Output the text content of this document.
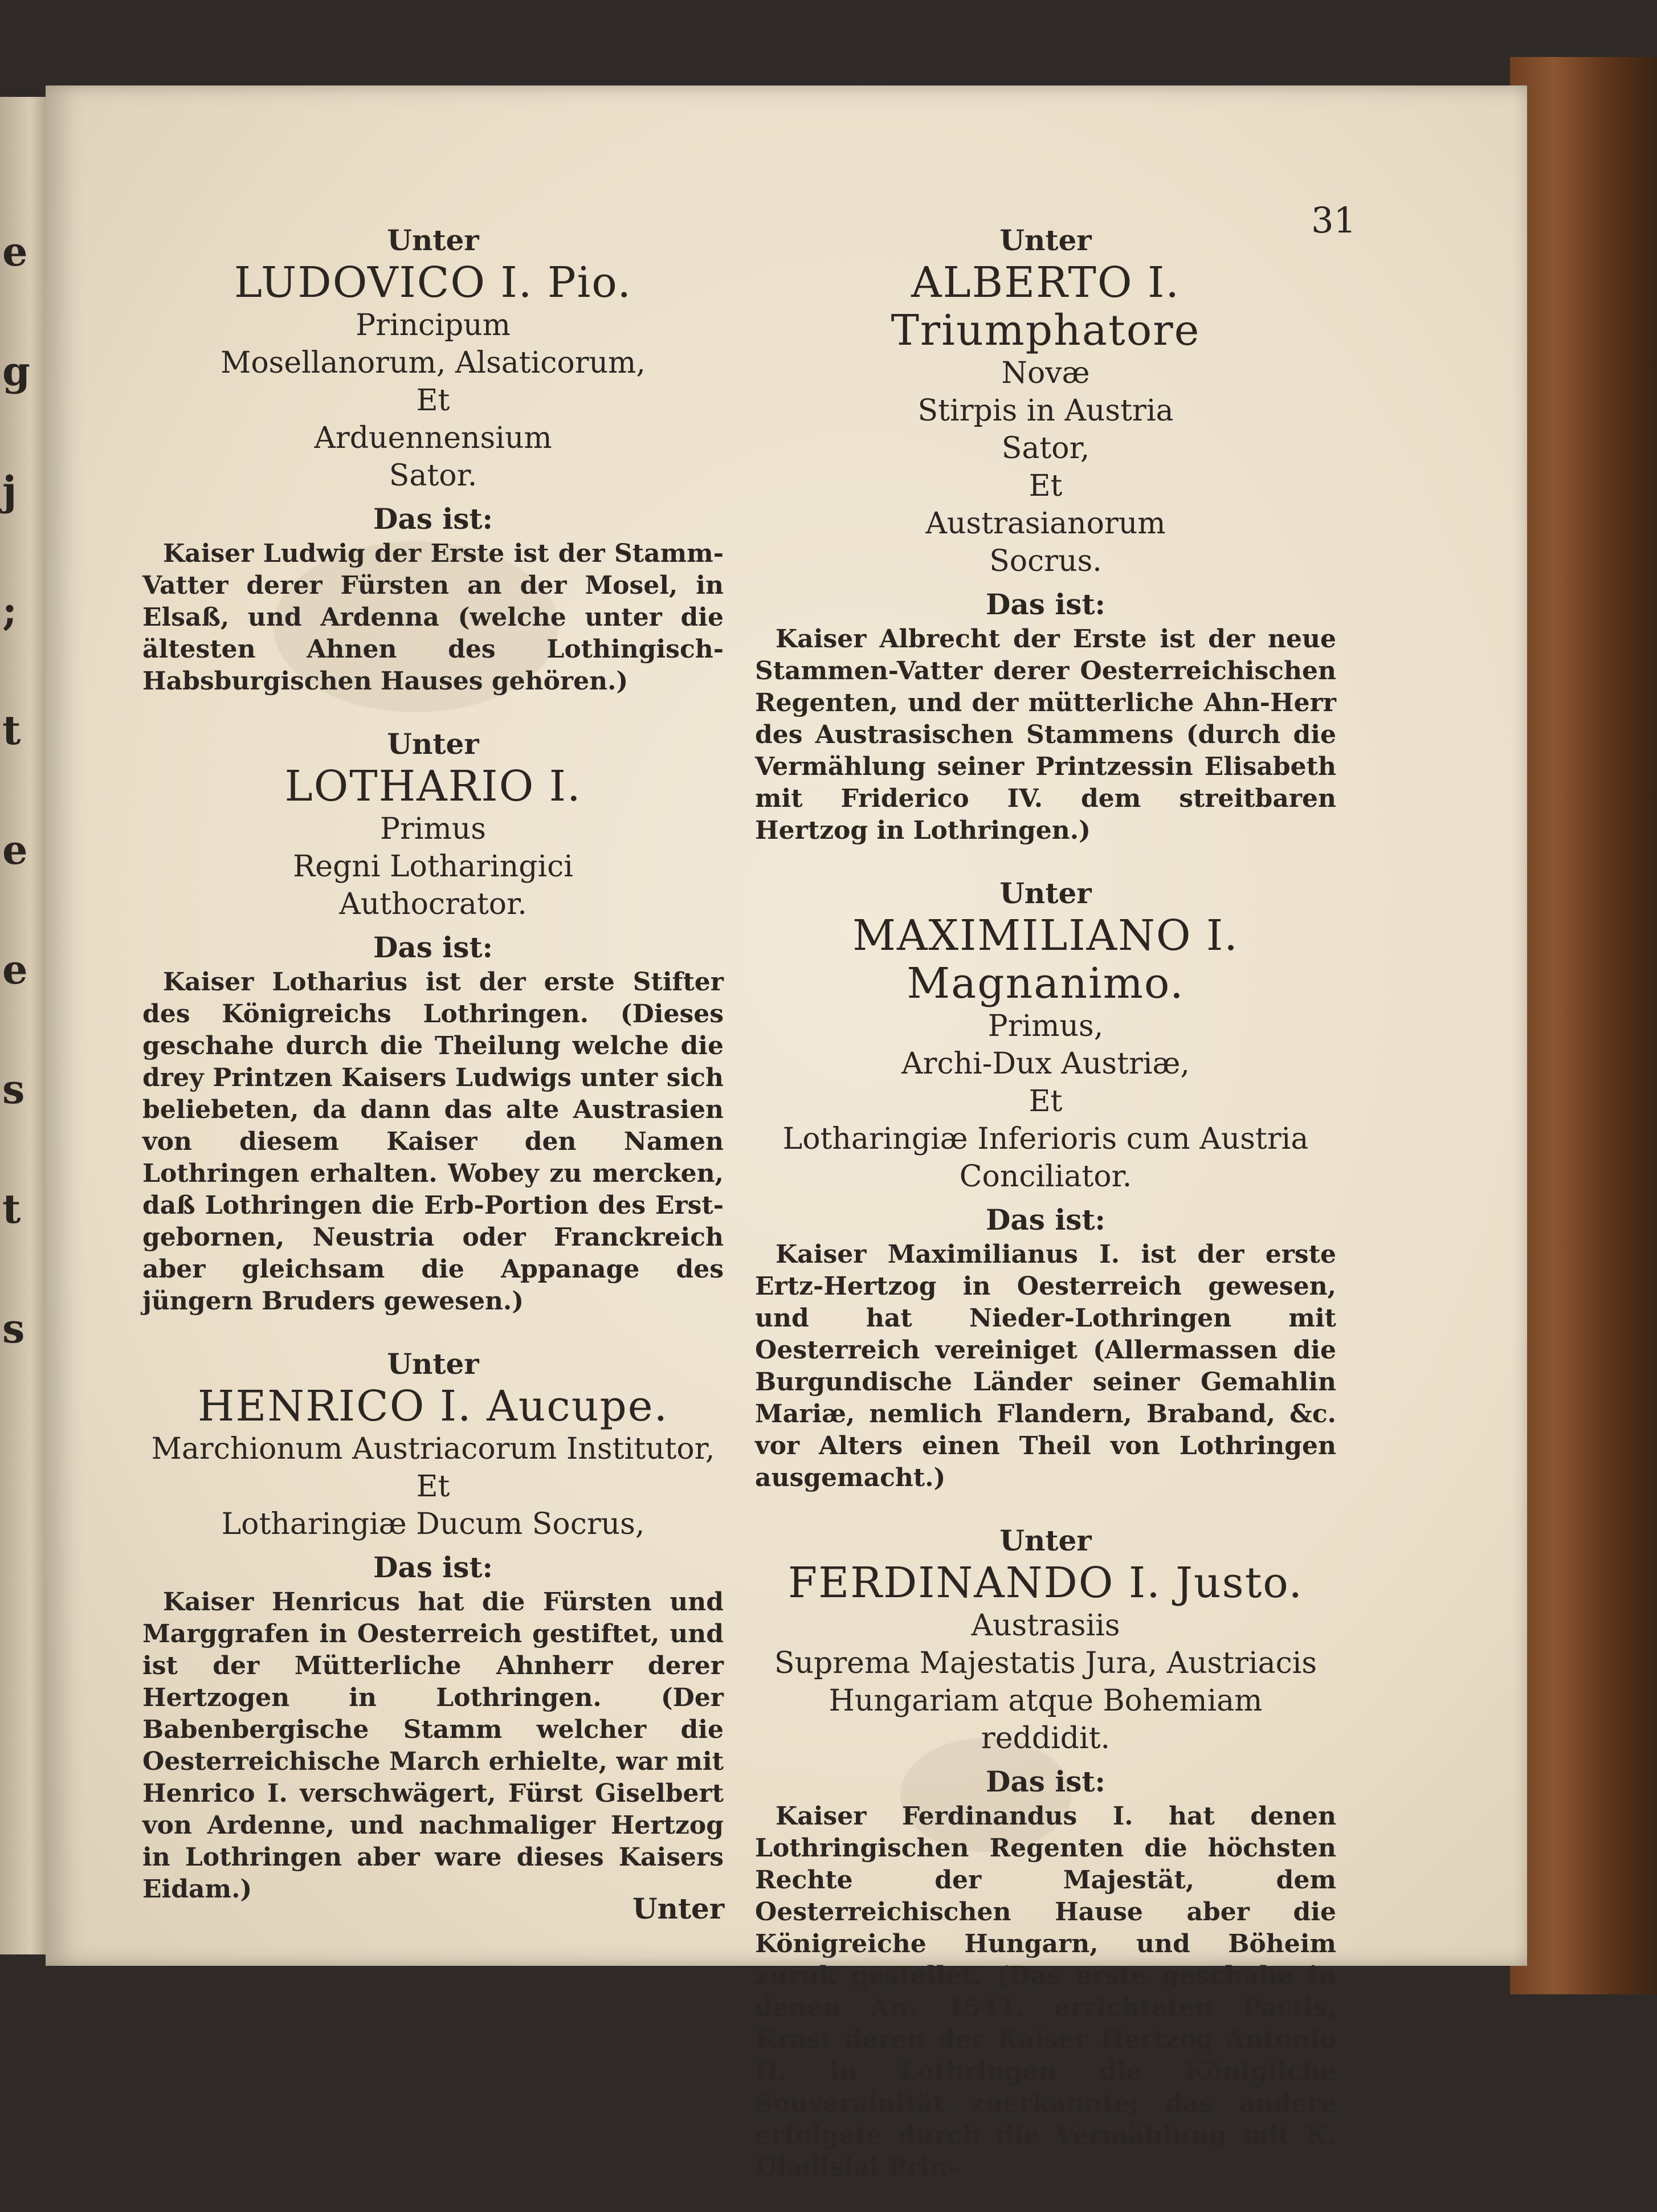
e
g
j
;
t
e
e
s
t
s
31
Unter
LUDOVICO I. Pio.
Principum
Mosellanorum, Alsaticorum,
Et
Arduennensium
Sator.
Das ist:

Kaiser Ludwig der Erste ist der Stamm-Vatter derer Fürsten an der Mosel, in Elsaß, und Ardenna (welche unter die ältesten Ahnen des Lothingisch-Habsburgischen Hauses gehören.)

Unter
LOTHARIO I.
Primus
Regni Lotharingici
Authocrator.
Das ist:

Kaiser Lotharius ist der erste Stifter des Königreichs Lothringen. (Dieses geschahe durch die Theilung welche die drey Printzen Kaisers Ludwigs unter sich beliebeten, da dann das alte Austrasien von diesem Kaiser den Namen Lothringen erhalten. Wobey zu mercken, daß Lothringen die Erb-Portion des Erst-gebornen, Neustria oder Franckreich aber gleichsam die Appanage des jüngern Bruders gewesen.)

Unter
HENRICO I. Aucupe.
Marchionum Austriacorum Institutor,
Et
Lotharingiæ Ducum Socrus,
Das ist:

Kaiser Henricus hat die Fürsten und Marggrafen in Oesterreich gestiftet, und ist der Mütterliche Ahnherr derer Hertzogen in Lothringen. (Der Babenbergische Stamm welcher die Oesterreichische March erhielte, war mit Henrico I. verschwägert, Fürst Giselbert von Ardenne, und nachmaliger Hertzog in Lothringen aber ware dieses Kaisers Eidam.)

Unter
ALBERTO I. Triumphatore
Novæ
Stirpis in Austria
Sator,
Et
Austrasianorum
Socrus.
Das ist:

Kaiser Albrecht der Erste ist der neue Stammen-Vatter derer Oesterreichischen Regenten, und der mütterliche Ahn-Herr des Austrasischen Stammens (durch die Vermählung seiner Printzessin Elisabeth mit Friderico IV. dem streitbaren Hertzog in Lothringen.)

Unter
MAXIMILIANO I. Magnanimo.
Primus,
Archi-Dux Austriæ,
Et
Lotharingiæ Inferioris cum Austria
Conciliator.
Das ist:

Kaiser Maximilianus I. ist der erste Ertz-Hertzog in Oesterreich gewesen, und hat Nieder-Lothringen mit Oesterreich vereiniget (Allermassen die Burgundische Länder seiner Gemahlin Mariæ, nemlich Flandern, Braband, &c. vor Alters einen Theil von Lothringen ausgemacht.)

Unter
FERDINANDO I. Justo.
Austrasiis
Suprema Majestatis Jura, Austriacis
Hungariam atque Bohemiam
reddidit.
Das ist:

Kaiser Ferdinandus I. hat denen Lothringischen Regenten die höchsten Rechte der Majestät, dem Oesterreichischen Hause aber die Königreiche Hungarn, und Böheim zuruk gestellet. (Das erste geschahe in denen An. 1541. errichteten Pactis, Krast deren der Kaiser Hertzog Antonio II. in Lothringen die Königliche Souverainität zuerkannte; das andere erfolgete durch die Vermählung mit K. Uladislai Prin-

Unter
